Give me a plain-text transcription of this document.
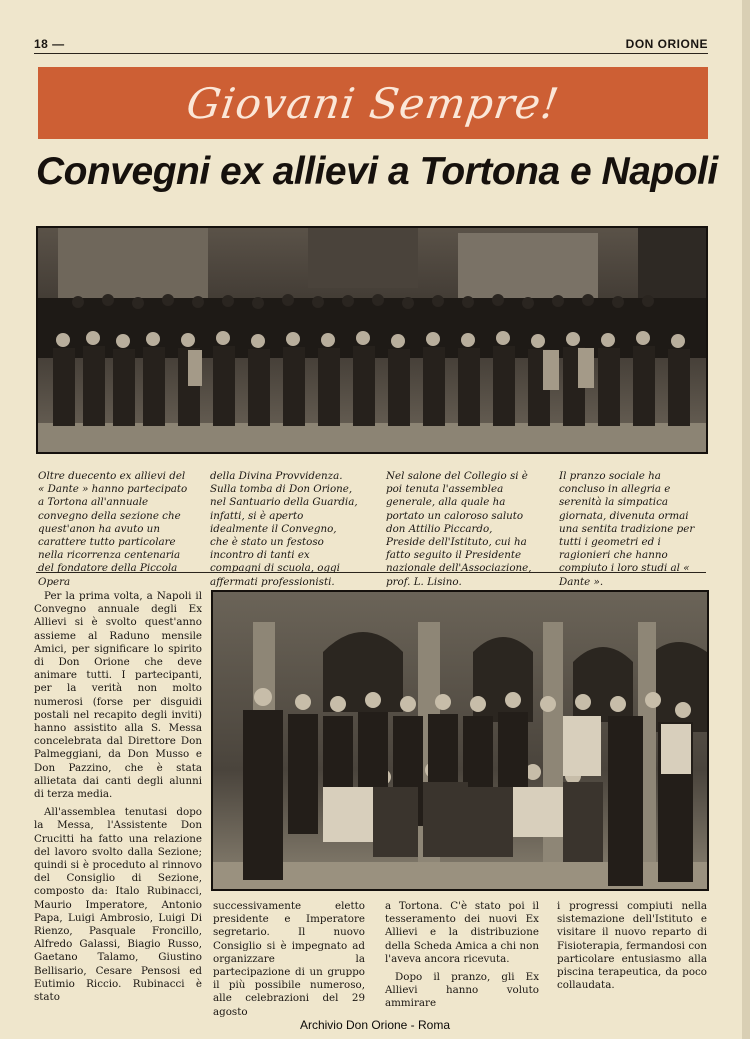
18 —	DON ORIONE
Giovani Sempre!
Convegni ex allievi a Tortona e Napoli
Oltre duecento ex allievi del « Dante » hanno partecipato a Tortona all'annuale convegno della sezione che quest'anon ha avuto un carattere tutto particolare nella ricorrenza centenaria del fondatore della Piccola Opera
della Divina Provvidenza. Sulla tomba di Don Orione, nel Santuario della Guardia, infatti, si è aperto idealmente il Convegno, che è stato un festoso incontro di tanti ex compagni di scuola, oggi affermati professionisti.
Nel salone del Collegio si è poi tenuta l'assemblea generale, alla quale ha portato un caloroso saluto don Attilio Piccardo, Preside dell'Istituto, cui ha fatto seguito il Presidente nazionale dell'Associazione, prof. L. Lisino.
Il pranzo sociale ha concluso in allegria e serenità la simpatica giornata, divenuta ormai una sentita tradizione per tutti i geometri ed i ragionieri che hanno compiuto i loro studi al « Dante ».

Per la prima volta, a Napoli il Convegno annuale degli Ex Allievi si è svolto quest'anno assieme al Raduno mensile Amici, per significare lo spirito di Don Orione che deve animare tutti. I partecipanti, per la verità non molto numerosi (forse per disguidi postali nel recapito degli inviti) hanno assistito alla S. Messa concelebrata dal Direttore Don Palmeggiani, da Don Musso e Don Pazzino, che è stata allietata dai canti degli alunni di terza media.

All'assemblea tenutasi dopo la Messa, l'Assistente Don Crucitti ha fatto una relazione del lavoro svolto dalla Sezione; quindi si è proceduto al rinnovo del Consiglio di Sezione, composto da: Italo Rubinacci, Maurio Imperatore, Antonio Papa, Luigi Ambrosio, Luigi Di Rienzo, Pasquale Froncillo, Alfredo Galassi, Biagio Russo, Gaetano Talamo, Giustino Bellisario, Cesare Pensosi ed Eutimio Riccio. Rubinacci è stato

successivamente eletto presidente e Imperatore segretario. Il nuovo Consiglio si è impegnato ad organizzare la partecipazione di un gruppo il più possibile numeroso, alle celebrazioni del 29 agosto

a Tortona. C'è stato poi il tesseramento dei nuovi Ex Allievi e la distribuzione della Scheda Amica a chi non l'aveva ancora ricevuta.

Dopo il pranzo, gli Ex Allievi hanno voluto ammirare

i progressi compiuti nella sistemazione dell'Istituto e visitare il nuovo reparto di Fisioterapia, fermandosi con particolare entusiasmo alla piscina terapeutica, da poco collaudata.

Archivio Don Orione - Roma
